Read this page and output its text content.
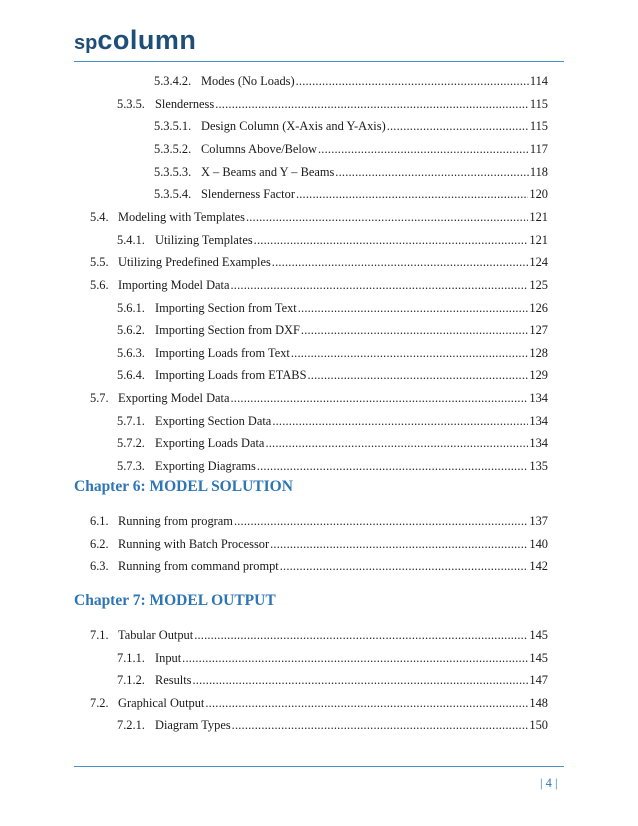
sp column
5.3.4.2. Modes (No Loads) .....	114
5.3.5. Slenderness .....	115
5.3.5.1. Design Column (X-Axis and Y-Axis) .....	115
5.3.5.2. Columns Above/Below .....	117
5.3.5.3. X – Beams and Y – Beams .....	118
5.3.5.4. Slenderness Factor .....	120
5.4. Modeling with Templates .....	121
5.4.1. Utilizing Templates .....	121
5.5. Utilizing Predefined Examples .....	124
5.6. Importing Model Data .....	125
5.6.1. Importing Section from Text .....	126
5.6.2. Importing Section from DXF .....	127
5.6.3. Importing Loads from Text .....	128
5.6.4. Importing Loads from ETABS .....	129
5.7. Exporting Model Data .....	134
5.7.1. Exporting Section Data .....	134
5.7.2. Exporting Loads Data .....	134
5.7.3. Exporting Diagrams .....	135
Chapter 6: MODEL SOLUTION
6.1. Running from program .....	137
6.2. Running with Batch Processor .....	140
6.3. Running from command prompt .....	142
Chapter 7: MODEL OUTPUT
7.1. Tabular Output .....	145
7.1.1. Input .....	145
7.1.2. Results .....	147
7.2. Graphical Output .....	148
7.2.1. Diagram Types .....	150
| 4 |
